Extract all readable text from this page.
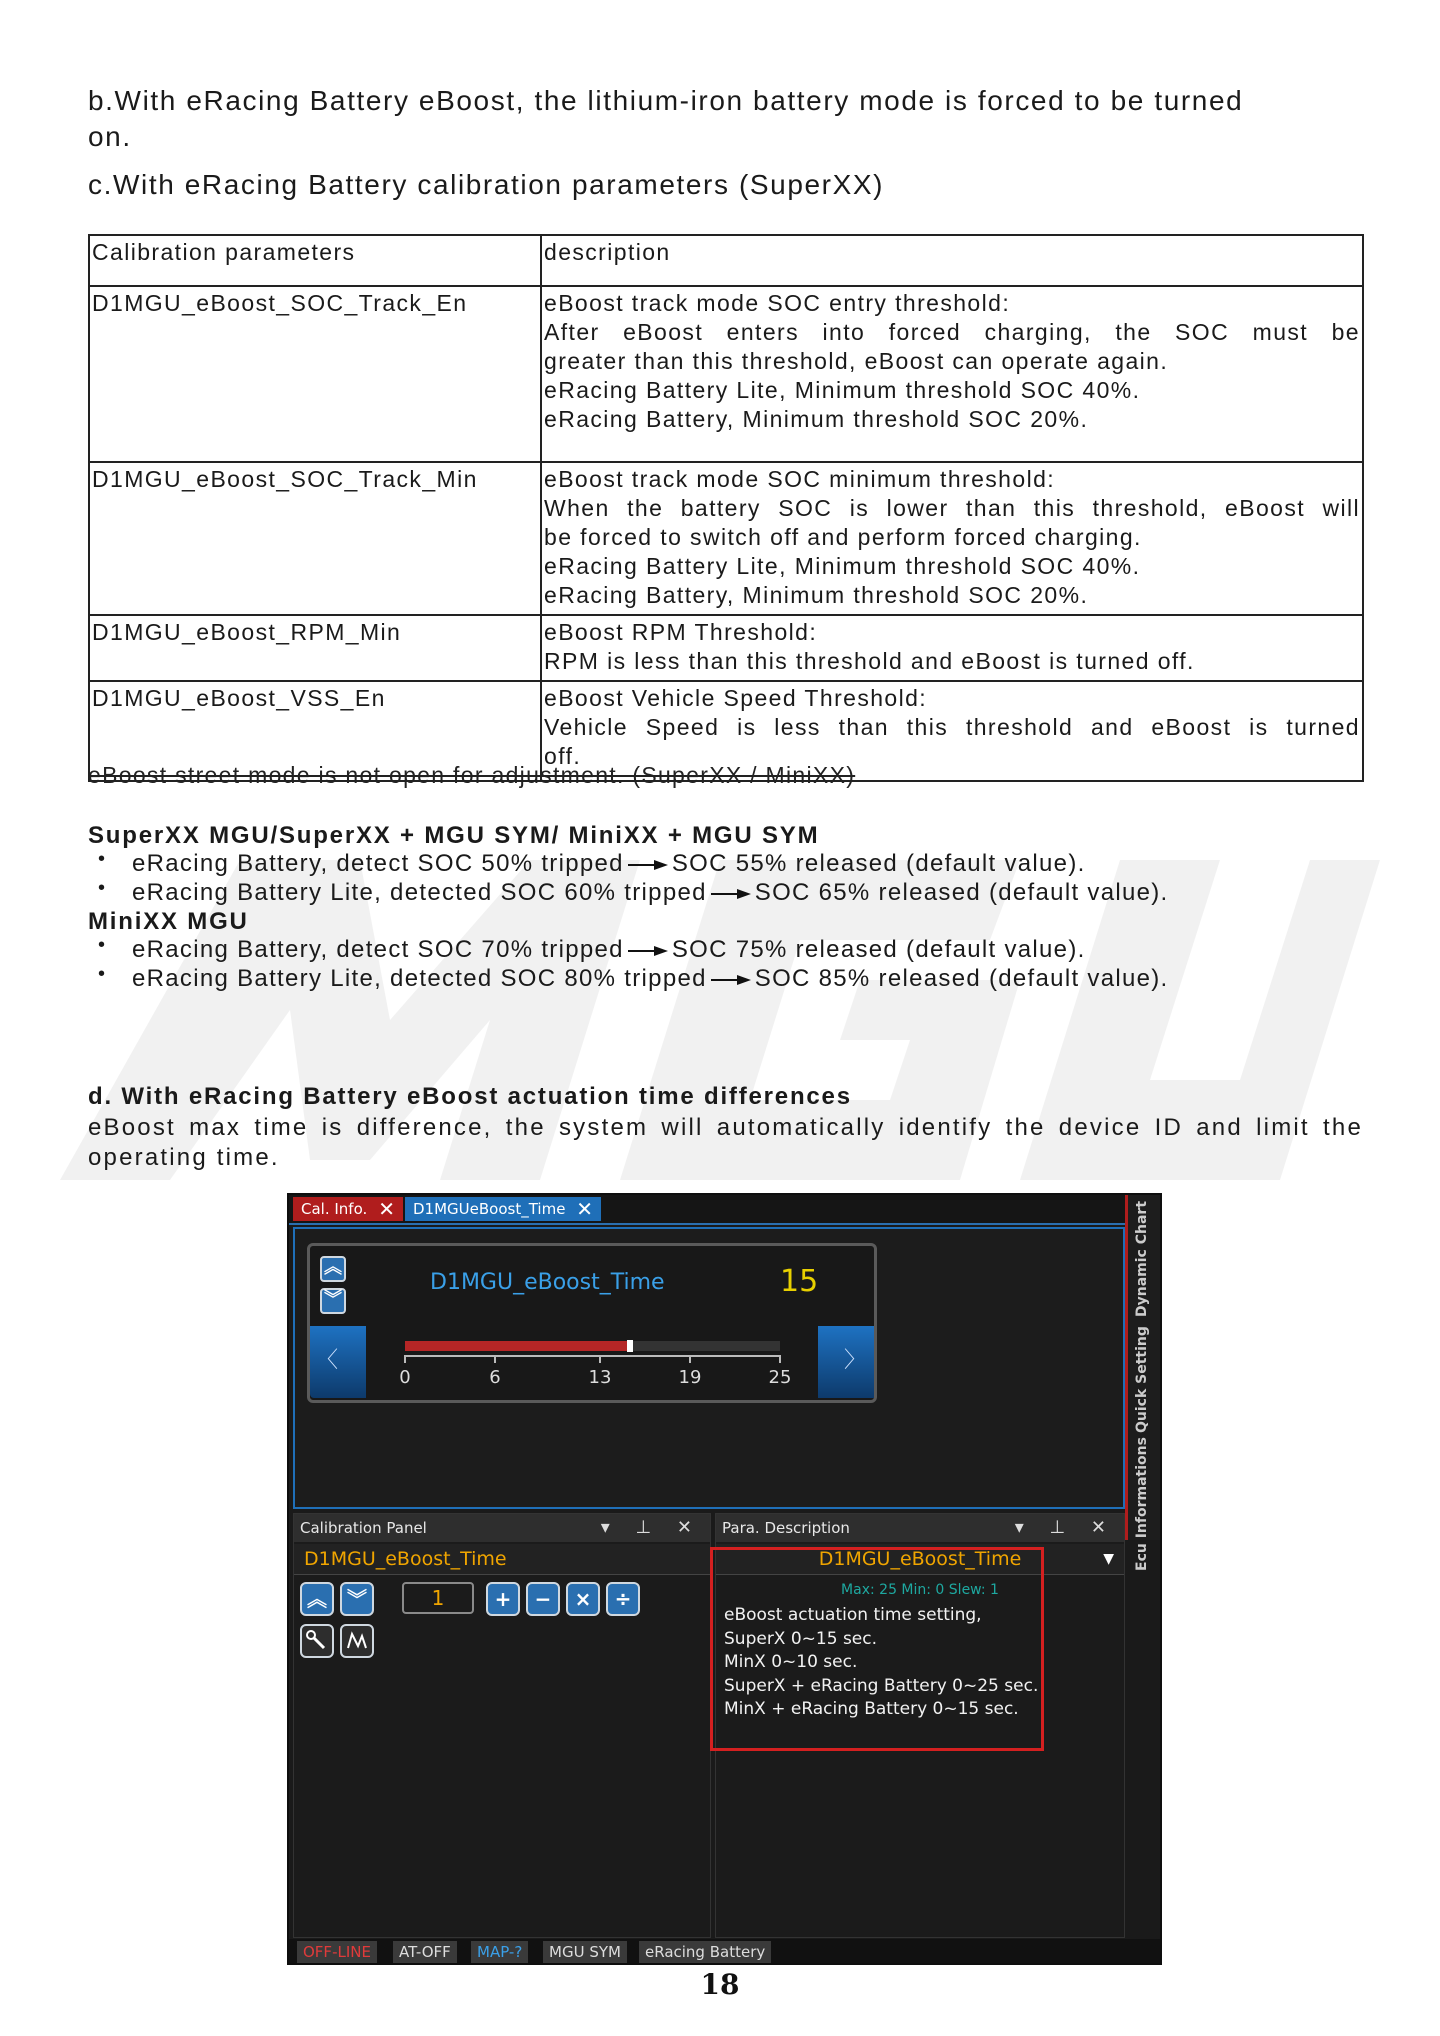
b.With eRacing Battery eBoost, the lithium-iron battery mode is forced to be turned

on.

c.With eRacing Battery calibration parameters (SuperXX)

Calibration parameters	description
D1MGU_eBoost_SOC_Track_En	eBoost track mode SOC entry threshold:
After eBoost enters into forced charging, the SOC must be
greater than this threshold, eBoost can operate again.
eRacing Battery Lite, Minimum threshold SOC 40%.
eRacing Battery, Minimum threshold SOC 20%.

D1MGU_eBoost_SOC_Track_Min	eBoost track mode SOC minimum threshold:
When the battery SOC is lower than this threshold, eBoost will
be forced to switch off and perform forced charging.
eRacing Battery Lite, Minimum threshold SOC 40%.
eRacing Battery, Minimum threshold SOC 20%.

D1MGU_eBoost_RPM_Min	eBoost RPM Threshold:
RPM is less than this threshold and eBoost is turned off.

D1MGU_eBoost_VSS_En	eBoost Vehicle Speed Threshold:
Vehicle Speed is less than this threshold and eBoost is turned
off.
eBoost street mode is not open for adjustment. (SuperXX / MiniXX)
SuperXX MGU/SuperXX + MGU SYM/ MiniXX + MGU SYM
• eRacing Battery, detect SOC 50% tripped SOC 55% released (default value).
• eRacing Battery Lite, detected SOC 60% tripped SOC 65% released (default value).
MiniXX MGU
• eRacing Battery, detect SOC 70% tripped SOC 75% released (default value).
• eRacing Battery Lite, detected SOC 80% tripped SOC 85% released (default value).
d. With eRacing Battery eBoost actuation time differences
eBoost max time is difference, the system will automatically identify the device ID and limit the
operating time.
Cal. Info. ✕	D1MGUeBoost_Time ✕	Dynamic Chart
Quick Setting
Ecu Informations
︽
︾
D1MGU_eBoost_Time	15
〈	〉
0	6	13	19	25
Calibration Panel	▾ ⊥ ✕
D1MGU_eBoost_Time
︽	︾	1	+	−	×	÷
Para. Description	▾ ⊥ ✕
D1MGU_eBoost_Time	▼
Max: 25 Min: 0 Slew: 1
eBoost actuation time setting,
SuperX 0~15 sec.
MinX 0~10 sec.
SuperX + eRacing Battery 0~25 sec.
MinX + eRacing Battery 0~15 sec.
OFF-LINE	AT-OFF	MAP-?	MGU SYM	eRacing Battery
18
